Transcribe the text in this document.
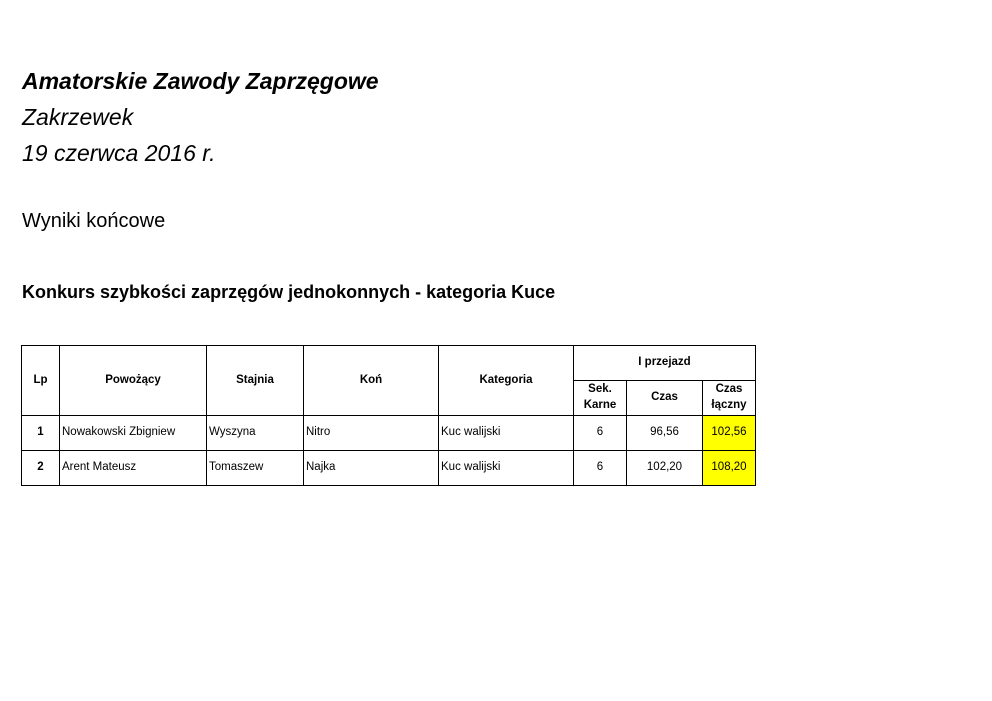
Amatorskie Zawody Zaprzęgowe
Zakrzewek
19 czerwca 2016 r.
Wyniki końcowe
Konkurs szybkości zaprzęgów jednokonnych - kategoria Kuce
Lp	Powożący	Stajnia	Koń	Kategoria	I przejazd		
					Sek. Karne	Czas	Czas łączny
1	Nowakowski Zbigniew	Wyszyna	Nitro	Kuc walijski	6	96,56	102,56
2	Arent Mateusz	Tomaszew	Najka	Kuc walijski	6	102,20	108,20
